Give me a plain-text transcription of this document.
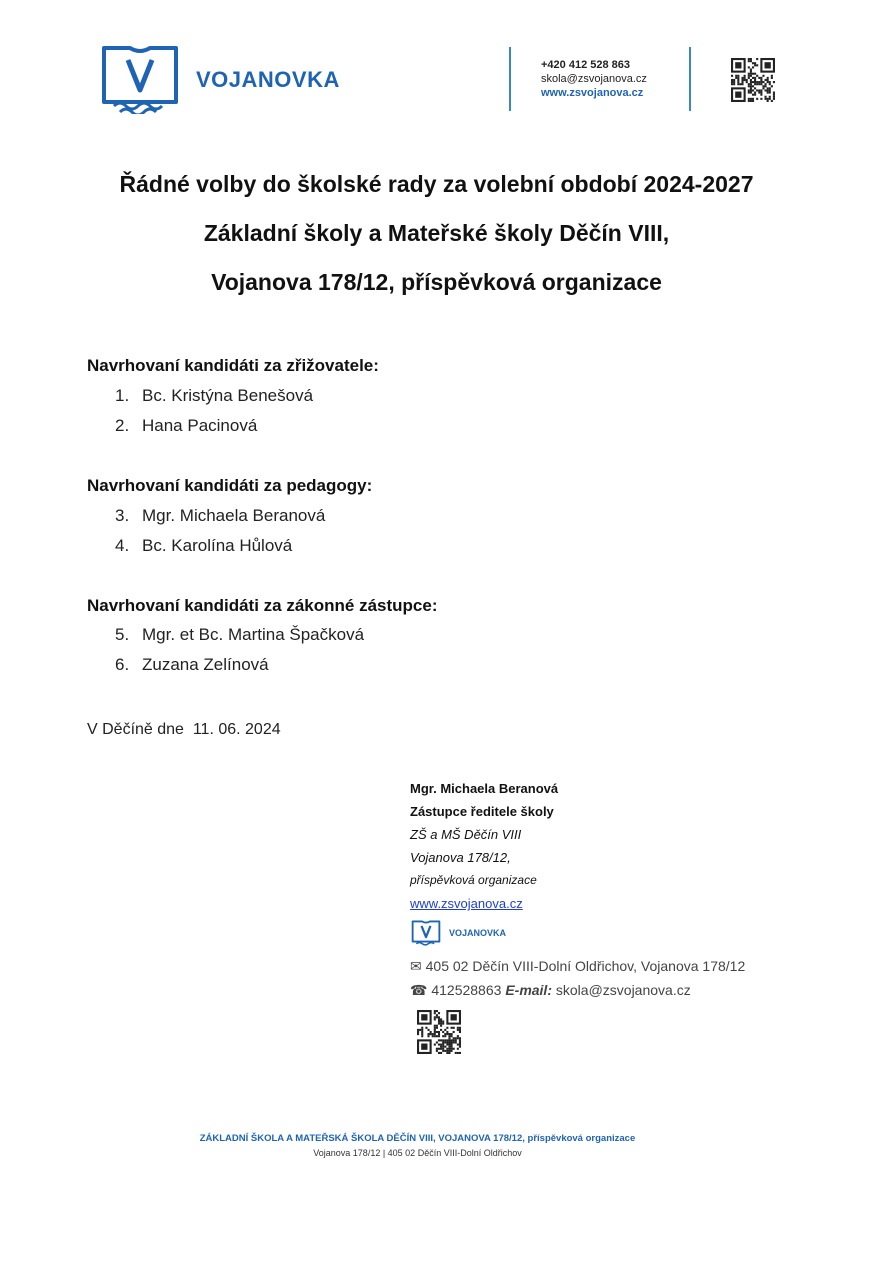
VOJANOVKA
+420 412 528 863
skola@zsvojanova.cz
www.zsvojanova.cz
Řádné volby do školské rady za volební období 2024-2027
Základní školy a Mateřské školy Děčín VIII,
Vojanova 178/12, příspěvková organizace
Navrhovaní kandidáti za zřižovatele:
1. Bc. Kristýna Benešová
2. Hana Pacinová
Navrhovaní kandidáti za pedagogy:
3. Mgr. Michaela Beranová
4. Bc. Karolína Hůlová
Navrhovaní kandidáti za zákonné zástupce:
5. Mgr. et Bc. Martina Špačková
6. Zuzana Zelínová
V Děčíně dne  11. 06. 2024
Mgr. Michaela Beranová
Zástupce ředitele školy
ZŠ a MŠ Děčín VIII
Vojanova 178/12,
příspěvková organizace
www.zsvojanova.cz
VOJANOVKA
✉ 405 02 Děčín VIII-Dolní Oldřichov, Vojanova 178/12
☎ 412528863 E-mail: skola@zsvojanova.cz
ZÁKLADNÍ ŠKOLA A MATEŘSKÁ ŠKOLA DĚČÍN VIII, VOJANOVA 178/12, příspěvková organizace
Vojanova 178/12 | 405 02 Děčín VIII-Dolní Oldřichov
